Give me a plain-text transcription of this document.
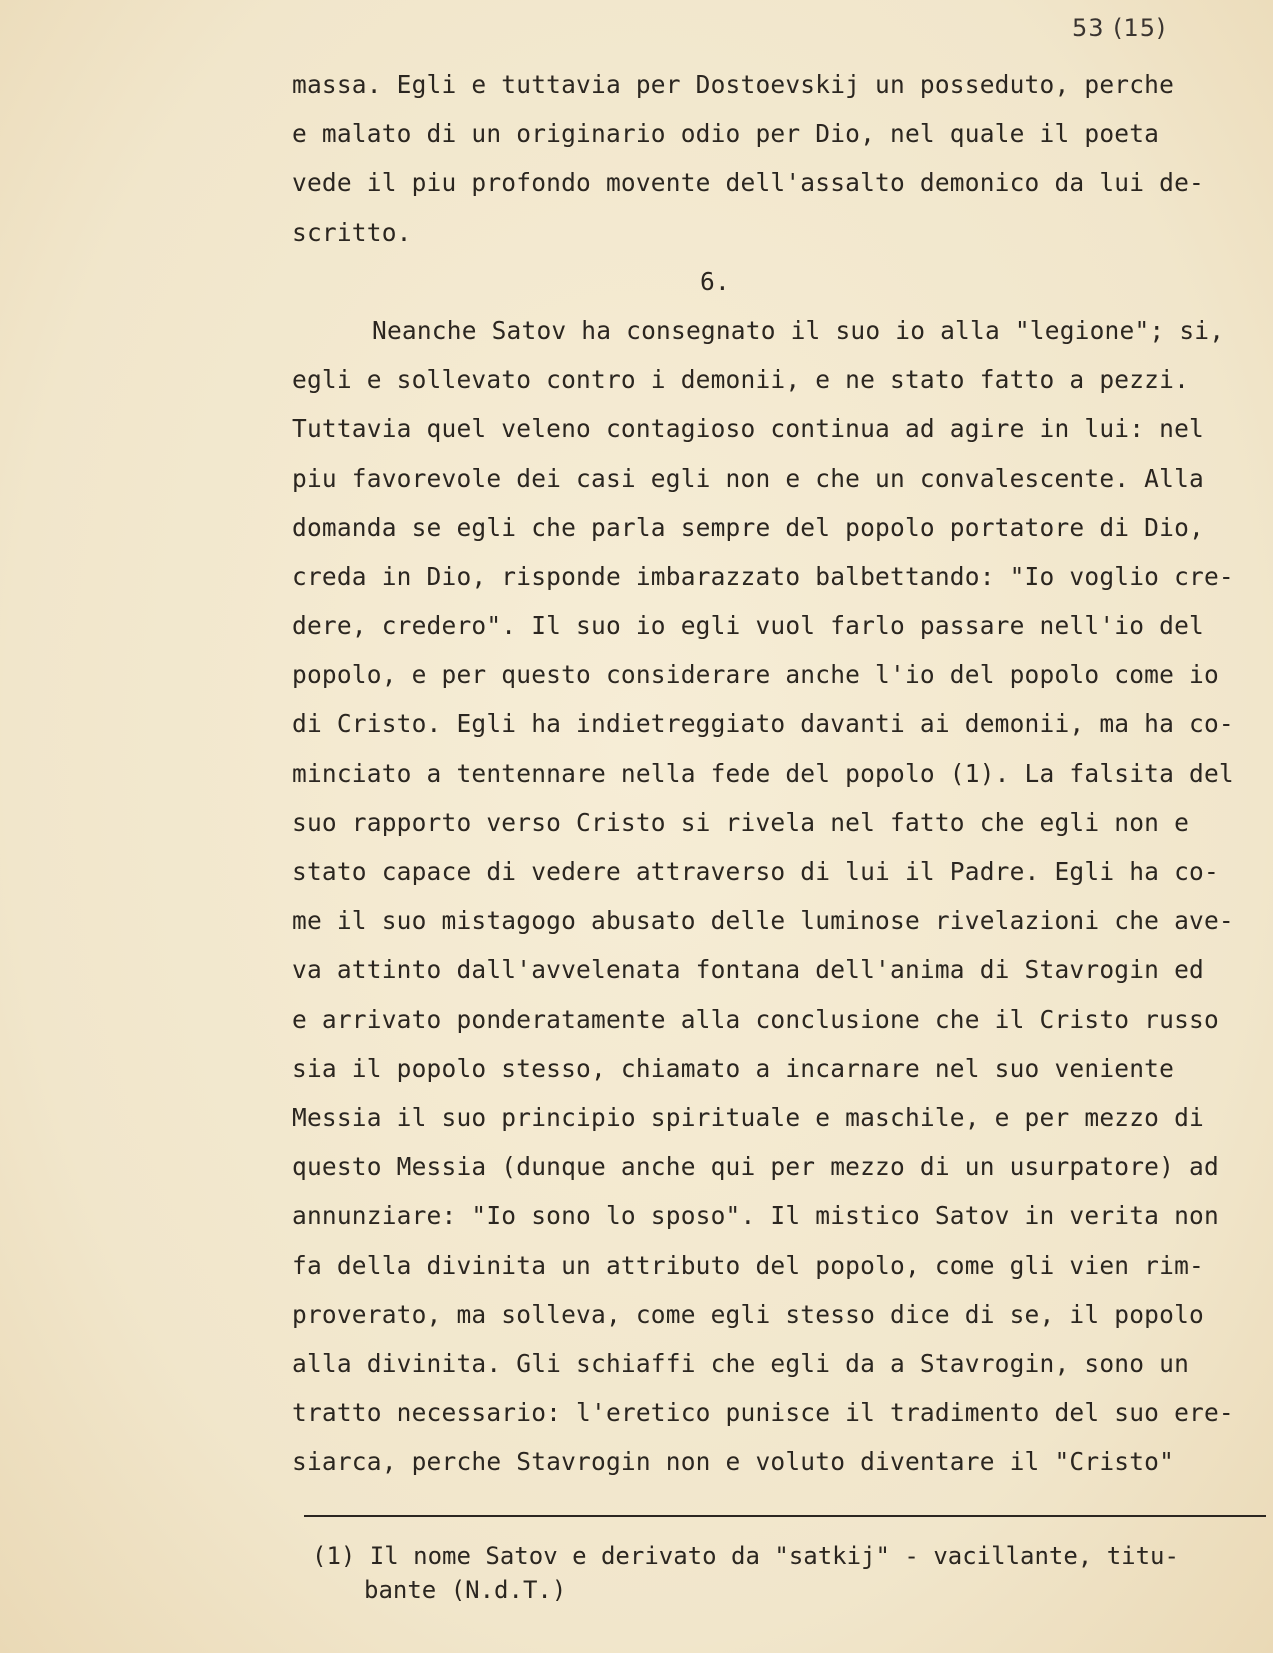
53 (15)
massa. Egli e tuttavia per Dostoevskij un posseduto, perche
e malato di un originario odio per Dio, nel quale il poeta
vede il piu profondo movente dell'assalto demonico da lui de-
scritto.
6.
Neanche Satov ha consegnato il suo io alla "legione"; si,
egli e sollevato contro i demonii, e ne stato fatto a pezzi.
Tuttavia quel veleno contagioso continua ad agire in lui: nel
piu favorevole dei casi egli non e che un convalescente. Alla
domanda se egli che parla sempre del popolo portatore di Dio,
creda in Dio, risponde imbarazzato balbettando: "Io voglio cre-
dere, credero". Il suo io egli vuol farlo passare nell'io del
popolo, e per questo considerare anche l'io del popolo come io
di Cristo. Egli ha indietreggiato davanti ai demonii, ma ha co-
minciato a tentennare nella fede del popolo (1). La falsita del
suo rapporto verso Cristo si rivela nel fatto che egli non e
stato capace di vedere attraverso di lui il Padre. Egli ha co-
me il suo mistagogo abusato delle luminose rivelazioni che ave-
va attinto dall'avvelenata fontana dell'anima di Stavrogin ed
e arrivato ponderatamente alla conclusione che il Cristo russo
sia il popolo stesso, chiamato a incarnare nel suo veniente
Messia il suo principio spirituale e maschile, e per mezzo di
questo Messia (dunque anche qui per mezzo di un usurpatore) ad
annunziare: "Io sono lo sposo". Il mistico Satov in verita non
fa della divinita un attributo del popolo, come gli vien rim-
proverato, ma solleva, come egli stesso dice di se, il popolo
alla divinita. Gli schiaffi che egli da a Stavrogin, sono un
tratto necessario: l'eretico punisce il tradimento del suo ere-
siarca, perche Stavrogin non e voluto diventare il "Cristo"
(1) Il nome Satov e derivato da "satkij" - vacillante, titu-
bante (N.d.T.)
